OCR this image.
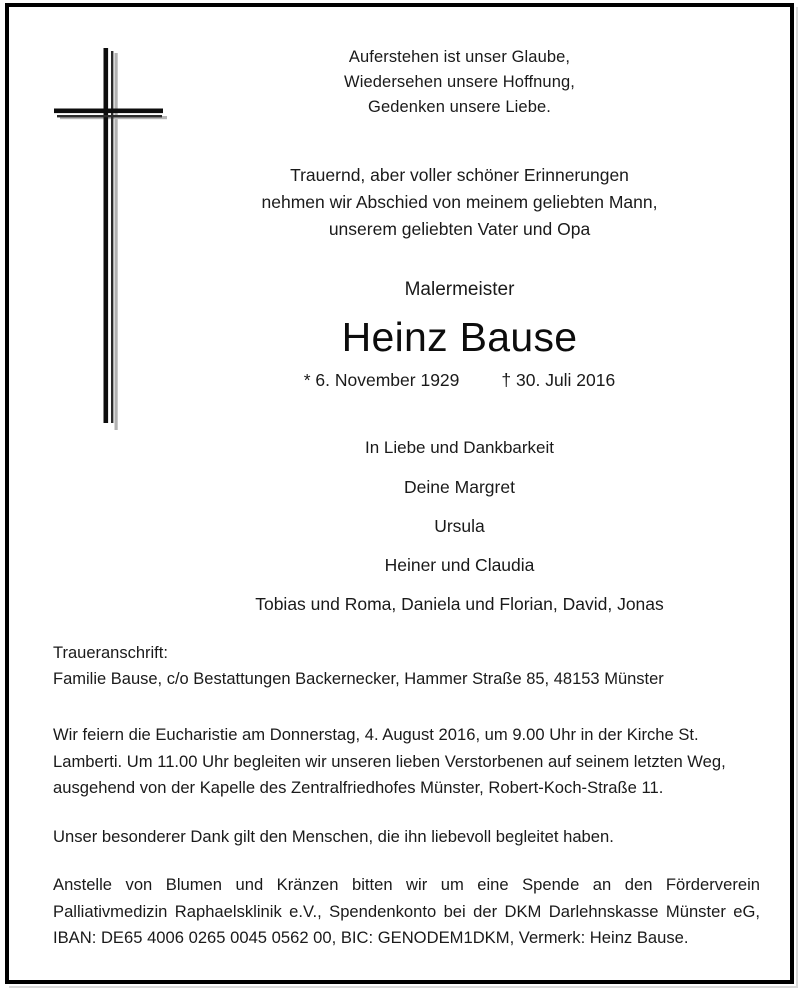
Auferstehen ist unser Glaube,
Wiedersehen unsere Hoffnung,
Gedenken unsere Liebe.
Trauernd, aber voller schöner Erinnerungen
nehmen wir Abschied von meinem geliebten Mann,
unserem geliebten Vater und Opa
Malermeister
Heinz Bause
* 6. November 1929 † 30. Juli 2016
In Liebe und Dankbarkeit
Deine Margret
Ursula
Heiner und Claudia
Tobias und Roma, Daniela und Florian, David, Jonas
Traueranschrift:
Familie Bause, c/o Bestattungen Backernecker, Hammer Straße 85, 48153 Münster
Wir feiern die Eucharistie am Donnerstag, 4. August 2016, um 9.00 Uhr in der Kirche St. Lamberti. Um 11.00 Uhr begleiten wir unseren lieben Verstorbenen auf seinem letzten Weg, ausgehend von der Kapelle des Zentralfriedhofes Münster, Robert-Koch-Straße 11.
Unser besonderer Dank gilt den Menschen, die ihn liebevoll begleitet haben.
Anstelle von Blumen und Kränzen bitten wir um eine Spende an den Förderverein Palliativmedizin Raphaelsklinik e.V., Spendenkonto bei der DKM Darlehnskasse Münster eG, IBAN: DE65 4006 0265 0045 0562 00, BIC: GENODEM1DKM, Vermerk: Heinz Bause.
